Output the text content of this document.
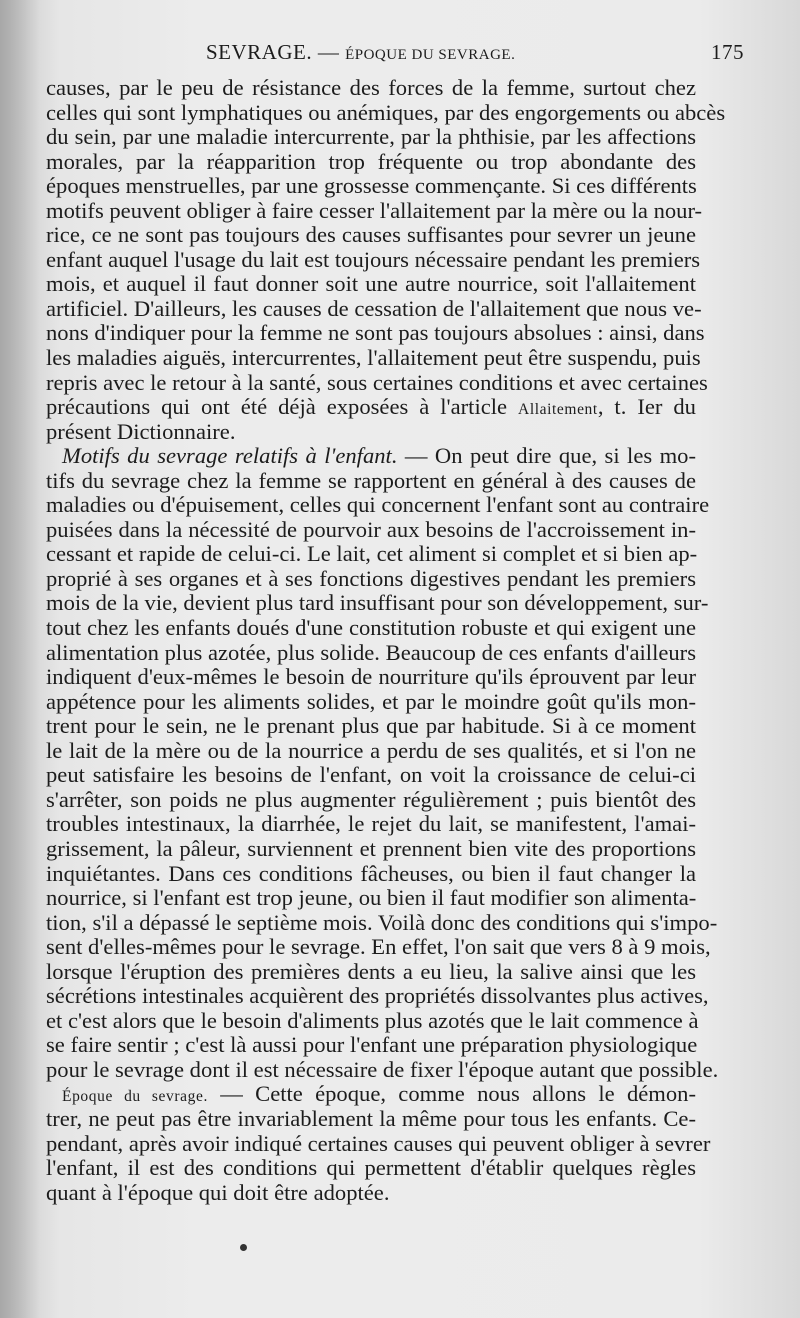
SEVRAGE. — ÉPOQUE DU SEVRAGE.	175
causes, par le peu de résistance des forces de la femme, surtout chez
celles qui sont lymphatiques ou anémiques, par des engorgements ou abcès
du sein, par une maladie intercurrente, par la phthisie, par les affections
morales, par la réapparition trop fréquente ou trop abondante des
époques menstruelles, par une grossesse commençante. Si ces différents
motifs peuvent obliger à faire cesser l'allaitement par la mère ou la nour-
rice, ce ne sont pas toujours des causes suffisantes pour sevrer un jeune
enfant auquel l'usage du lait est toujours nécessaire pendant les premiers
mois, et auquel il faut donner soit une autre nourrice, soit l'allaitement
artificiel. D'ailleurs, les causes de cessation de l'allaitement que nous ve-
nons d'indiquer pour la femme ne sont pas toujours absolues : ainsi, dans
les maladies aiguës, intercurrentes, l'allaitement peut être suspendu, puis
repris avec le retour à la santé, sous certaines conditions et avec certaines
précautions qui ont été déjà exposées à l'article Allaitement, t. Ier du
présent Dictionnaire.
Motifs du sevrage relatifs à l'enfant. — On peut dire que, si les mo-
tifs du sevrage chez la femme se rapportent en général à des causes de
maladies ou d'épuisement, celles qui concernent l'enfant sont au contraire
puisées dans la nécessité de pourvoir aux besoins de l'accroissement in-
cessant et rapide de celui-ci. Le lait, cet aliment si complet et si bien ap-
proprié à ses organes et à ses fonctions digestives pendant les premiers
mois de la vie, devient plus tard insuffisant pour son développement, sur-
tout chez les enfants doués d'une constitution robuste et qui exigent une
alimentation plus azotée, plus solide. Beaucoup de ces enfants d'ailleurs
indiquent d'eux-mêmes le besoin de nourriture qu'ils éprouvent par leur
appétence pour les aliments solides, et par le moindre goût qu'ils mon-
trent pour le sein, ne le prenant plus que par habitude. Si à ce moment
le lait de la mère ou de la nourrice a perdu de ses qualités, et si l'on ne
peut satisfaire les besoins de l'enfant, on voit la croissance de celui-ci
s'arrêter, son poids ne plus augmenter régulièrement ; puis bientôt des
troubles intestinaux, la diarrhée, le rejet du lait, se manifestent, l'amai-
grissement, la pâleur, surviennent et prennent bien vite des proportions
inquiétantes. Dans ces conditions fâcheuses, ou bien il faut changer la
nourrice, si l'enfant est trop jeune, ou bien il faut modifier son alimenta-
tion, s'il a dépassé le septième mois. Voilà donc des conditions qui s'impo-
sent d'elles-mêmes pour le sevrage. En effet, l'on sait que vers 8 à 9 mois,
lorsque l'éruption des premières dents a eu lieu, la salive ainsi que les
sécrétions intestinales acquièrent des propriétés dissolvantes plus actives,
et c'est alors que le besoin d'aliments plus azotés que le lait commence à
se faire sentir ; c'est là aussi pour l'enfant une préparation physiologique
pour le sevrage dont il est nécessaire de fixer l'époque autant que possible.
Époque du sevrage. — Cette époque, comme nous allons le démon-
trer, ne peut pas être invariablement la même pour tous les enfants. Ce-
pendant, après avoir indiqué certaines causes qui peuvent obliger à sevrer
l'enfant, il est des conditions qui permettent d'établir quelques règles
quant à l'époque qui doit être adoptée.
